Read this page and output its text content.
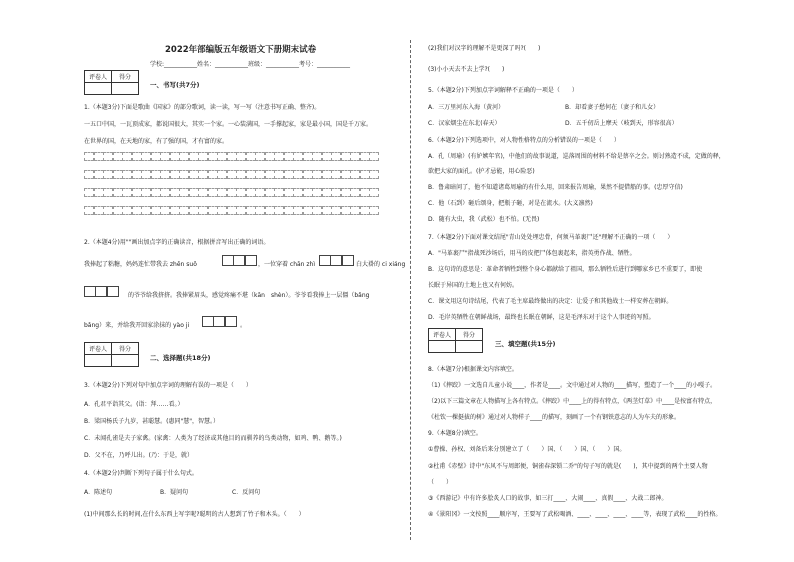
2022年部编版五年级语文下册期末试卷
学校:___________姓名：___________班级：___________考号：___________
评卷人	得分

一、书写(共7分)
1.（本题3分)下面是歌曲《国家》的部分歌词，读一读，写一写（注意书写正确、整齐)。
一五口中国，一瓦顶成家，都说国很大，其实一个家。一心装满国，一手撑起家，家是最小国，国是千万家。
在世界的国，在天地的家，有了强的国，才有富的家。
2.（本题4分)用""画出加点字的正确读音，根据拼音写出正确的词语。
我捧起了粘糖，妈妈连忙带我去 zhēn suō	，一位穿着 chān zhì	白大褂的 ci xiáng
的爷爷给我挤挤。我捧紧眉头，感觉疼痛不堪（kān　shèn）。爷爷看我捧上一层僵（bǎng
bǎng）来，并给我开回家涂抹的 yào ji	。
评卷人	得分

二、选择题(共18分)
3.（本题2分)下列对句中加点字词的理解有误的一项是（　　）
A．孔君平诣其父。(诣：拜……看。）
B．梁国杨氏子九岁，甚聪慧。(惠同"慧"，智慧。）
C．未闻孔雀是夫子家禽。(家禽：人类为了经济或其他目的而驯养的鸟类动物，如鸡、鸭、鹅等。)
D．父不在，乃呼儿出。(乃：于是，就）
4.（本题2分)判断下列句子属于什么句式。
A．陈述句	B．疑问句	C．反问句
(1)中间那么长的时间,在什么东西上写字呢?聪明的古人想到了竹子和木头。（　　）
(2)我们对汉字的理解不是更深了吗?(　　)
(3)小小天去不去上学?(　　)
5.（本题2分)下列加点字词解释不正确的一项是（　　）
A．三万里河东入海（黄河）	B．却看妻子愁何在（妻子和儿女）
C．汉家烟尘在东北(春天）	D．五千仞岳上摩天（岐到天，形容很高）
6.（本题2分)下列选项中，对人物性格特点的分析错误的一项是（　　）
A．孔（周瑜）(有妒嫉年官)，中他们的故事说道，巡落周围的材料不给是蔡卒之会。则讨熟造不成，定做的释，
欲把大家的面孔。(护才忌能，用心险恶)
B．鲁肃暗问了，他不知道诸葛周瑜的有什么用，回来报告周瑜，果然不提借船的事。(忠厚守信)
C．他（石到）砸后颂身，把瓶子砸，对是在流水。(大义凛然)
D．随有大虫，我（武松）也不怕。(无畏)
7.（本题2分)下面对课文结尾"青山处处埋忠骨，何须马革裹尸还"理解不正确的一项（　　）
A．"马革裹尸"指战死沙场后，用马的皮把尸体包裹起来，指英勇作战、牺牲。
B．这句诗的意思是：革命者牺牲到整个身心都献给了祖国，那么牺牲后进行到哪家乡已不重要了，即使
长眠于异国的土地上也又有何妨。
C．课文用这句诗结尾，代表了毛主席最终做出的决定：让爱子和其他战士一样安葬在朝鲜。
D．毛岸英牺牲在朝鲜战场，最终也长眠在朝鲜，这是毛泽东对于这个人事迹的写照。
评卷人	得分

三、填空题(共15分)
8.（本题7分)根据课文内容填空。
（1)《摔跤》一文选自儿童小说____，作者是____。文中通过对人物的____描写，塑造了一个____的小嘎子。
（2)以下三篇文章在人物描写上各有特点。《摔跤》中____上的得有特点，《两茎灯草》中____是按富有特点，
《杜钦一棵挺拔的树》通过对人物样子____的描写，刻画了一个有钢铁意志的人为车夫的形象。
9.（本题8分)填空。
①曹操、孙权、刘备后来分别建立了（　　）国、（　　）国、（　　）国。
②杜甫《赤壁》诗中"东风不与周郎便，铜雀春深锁二乔"的句子写的就是(　　)，其中提到的两个主要人物
（　　）
③《西游记》中有许多脍炙人口的故事，如三打____、大闹____、真假____、大战二郎神。
④《景阳冈》一文按照____顺序写，王要写了武松喝酒、____、____、____、____等，表现了武松____的性格。
